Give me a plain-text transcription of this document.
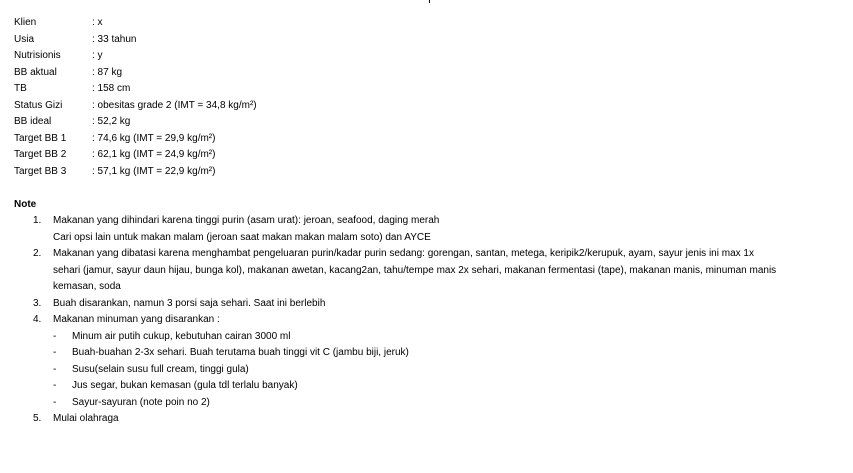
Klien	: x
Usia	: 33 tahun
Nutrisionis	: y
BB aktual	: 87 kg
TB	: 158 cm
Status Gizi	: obesitas grade 2 (IMT = 34,8 kg/m²)
BB ideal	: 52,2 kg
Target BB 1	: 74,6 kg (IMT = 29,9 kg/m²)
Target BB 2	: 62,1 kg (IMT = 24,9 kg/m²)
Target BB 3	: 57,1 kg (IMT = 22,9 kg/m²)
Note
1. Makanan yang dihindari karena tinggi purin (asam urat): jeroan, seafood, daging merah
Cari opsi lain untuk makan malam (jeroan saat makan makan malam soto) dan AYCE
2. Makanan yang dibatasi karena menghambat pengeluaran purin/kadar purin sedang: gorengan, santan, metega, keripik2/kerupuk, ayam, sayur jenis ini max 1x
sehari (jamur, sayur daun hijau, bunga kol), makanan awetan, kacang2an, tahu/tempe max 2x sehari, makanan fermentasi (tape), makanan manis, minuman manis
kemasan, soda
3. Buah disarankan, namun 3 porsi saja sehari. Saat ini berlebih
4. Makanan minuman yang disarankan :
- Minum air putih cukup, kebutuhan cairan 3000 ml
- Buah-buahan 2-3x sehari. Buah terutama buah tinggi vit C (jambu biji, jeruk)
- Susu(selain susu full cream, tinggi gula)
- Jus segar, bukan kemasan (gula tdl terlalu banyak)
- Sayur-sayuran (note poin no 2)
5. Mulai olahraga
